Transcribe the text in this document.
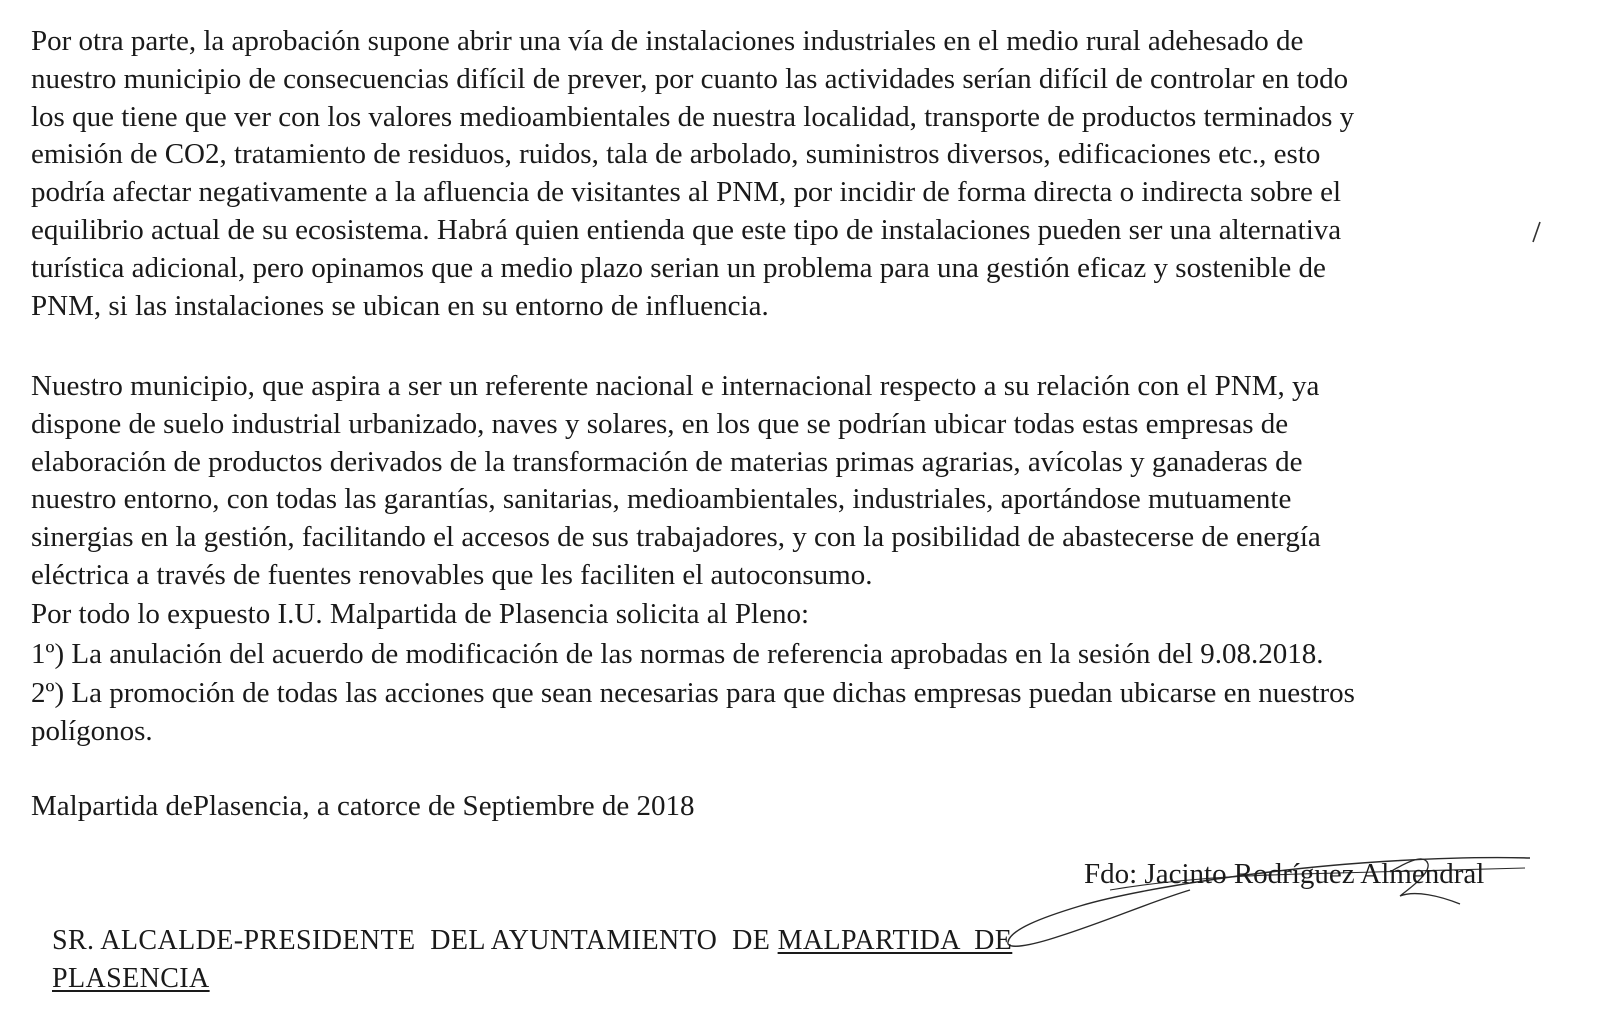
Por otra parte, la aprobación supone abrir una vía de instalaciones industriales en el medio rural adehesado de
nuestro municipio de consecuencias difícil de prever, por cuanto las actividades serían difícil de controlar en todo
los que tiene que ver con los valores medioambientales de nuestra localidad, transporte de productos terminados y
emisión de CO2, tratamiento de residuos, ruidos, tala de arbolado, suministros diversos, edificaciones etc., esto
podría afectar negativamente a la afluencia de visitantes al PNM, por incidir de forma directa o indirecta sobre el
equilibrio actual de su ecosistema. Habrá quien entienda que este tipo de instalaciones pueden ser una alternativa
turística adicional, pero opinamos que a medio plazo serian un problema para una gestión eficaz y sostenible de
PNM, si las instalaciones se ubican en su entorno de influencia.

Nuestro municipio, que aspira a ser un referente nacional e internacional respecto a su relación con el PNM, ya
dispone de suelo industrial urbanizado, naves y solares, en los que se podrían ubicar todas estas empresas de
elaboración de productos derivados de la transformación de materias primas agrarias, avícolas y ganaderas de
nuestro entorno, con todas las garantías, sanitarias, medioambientales, industriales, aportándose mutuamente
sinergias en la gestión, facilitando el accesos de sus trabajadores, y con la posibilidad de abastecerse de energía
eléctrica a través de fuentes renovables que les faciliten el autoconsumo.

Por todo lo expuesto I.U. Malpartida de Plasencia solicita al Pleno:

1º) La anulación del acuerdo de modificación de las normas de referencia aprobadas en la sesión del 9.08.2018.

2º) La promoción de todas las acciones que sean necesarias para que dichas empresas puedan ubicarse en nuestros
polígonos.

Malpartida dePlasencia, a catorce de Septiembre de 2018
Fdo: Jacinto Rodríguez Almendral
SR. ALCALDE-PRESIDENTE  DEL AYUNTAMIENTO  DE MALPARTIDA  DE
PLASENCIA
